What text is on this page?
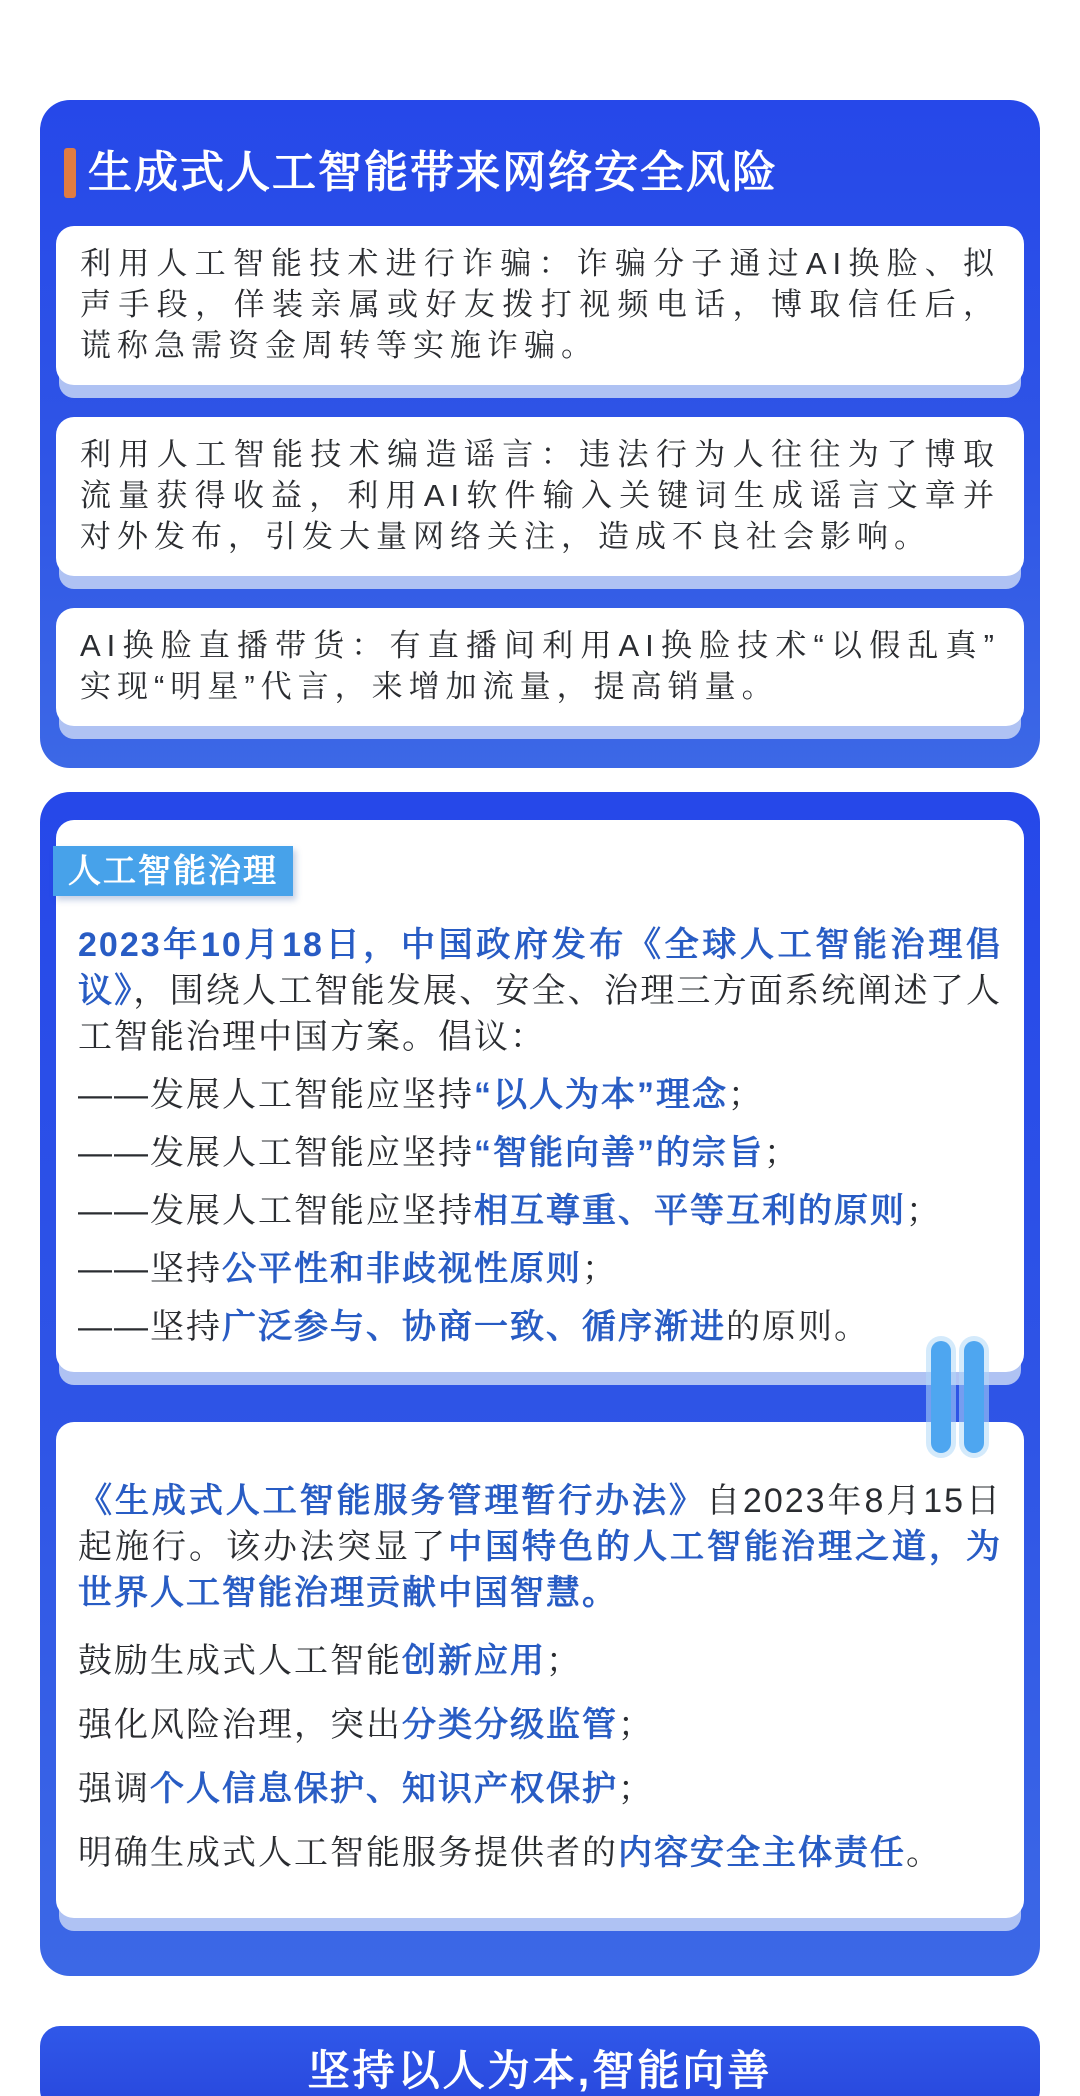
生成式人工智能带来网络安全风险

利用人工智能技术进行诈骗：诈骗分子通过AI换脸、拟声手段，佯装亲属或好友拨打视频电话，博取信任后，谎称急需资金周转等实施诈骗。

利用人工智能技术编造谣言：违法行为人往往为了博取流量获得收益，利用AI软件输入关键词生成谣言文章并对外发布，引发大量网络关注，造成不良社会影响。

AI换脸直播带货：有直播间利用AI换脸技术“以假乱真”实现“明星”代言，来增加流量，提高销量。

人工智能治理

2023年10月18日，中国政府发布《全球人工智能治理倡议》，围绕人工智能发展、安全、治理三方面系统阐述了人工智能治理中国方案。倡议：

——发展人工智能应坚持“以人为本”理念；

——发展人工智能应坚持“智能向善”的宗旨；

——发展人工智能应坚持相互尊重、平等互利的原则；

——坚持公平性和非歧视性原则；

——坚持广泛参与、协商一致、循序渐进的原则。

《生成式人工智能服务管理暂行办法》自2023年8月15日起施行。该办法突显了中国特色的人工智能治理之道，为世界人工智能治理贡献中国智慧。

鼓励生成式人工智能创新应用；

强化风险治理，突出分类分级监管；

强调个人信息保护、知识产权保护；

明确生成式人工智能服务提供者的内容安全主体责任。

坚持以人为本,智能向善
